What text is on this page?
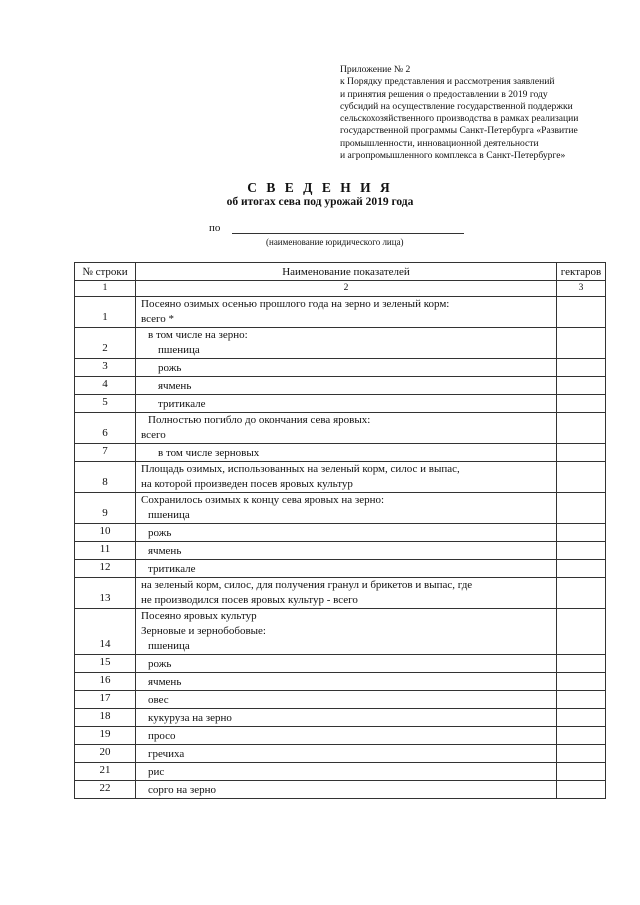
Приложение № 2
к Порядку представления и рассмотрения заявлений
и принятия решения о предоставлении в 2019 году
субсидий на осуществление государственной поддержки
сельскохозяйственного производства в рамках реализации
государственной программы Санкт-Петербурга «Развитие
промышленности, инновационной деятельности
и агропромышленного комплекса в Санкт-Петербурге»
С В Е Д Е Н И Я
об итогах сева под урожай 2019 года
по
(наименование юридического лица)
№ строки	Наименование показателей	гектаров
1	2	3

1	Посеяно озимых осенью прошлого года на зерно и зеленый корм:
всего *	

2	в том числе на зерно:
пшеница	

3	рожь	

4	ячмень	

5	тритикале	

6	Полностью погибло до окончания сева яровых:
всего	

7	в том числе зерновых	

8	Площадь озимых, использованных на зеленый корм, силос и выпас,
на которой произведен посев яровых культур	

9	Сохранилось озимых к концу сева яровых на зерно:
пшеница	

10	рожь	

11	ячмень	

12	тритикале	

13	на зеленый корм, силос, для получения гранул и брикетов и выпас, где
не производился посев яровых культур - всего	

14	Посеяно яровых культур
Зерновые и зернобобовые:
пшеница	

15	рожь	

16	ячмень	

17	овес	

18	кукуруза на зерно	

19	просо	

20	гречиха	

21	рис	

22	сорго на зерно	
